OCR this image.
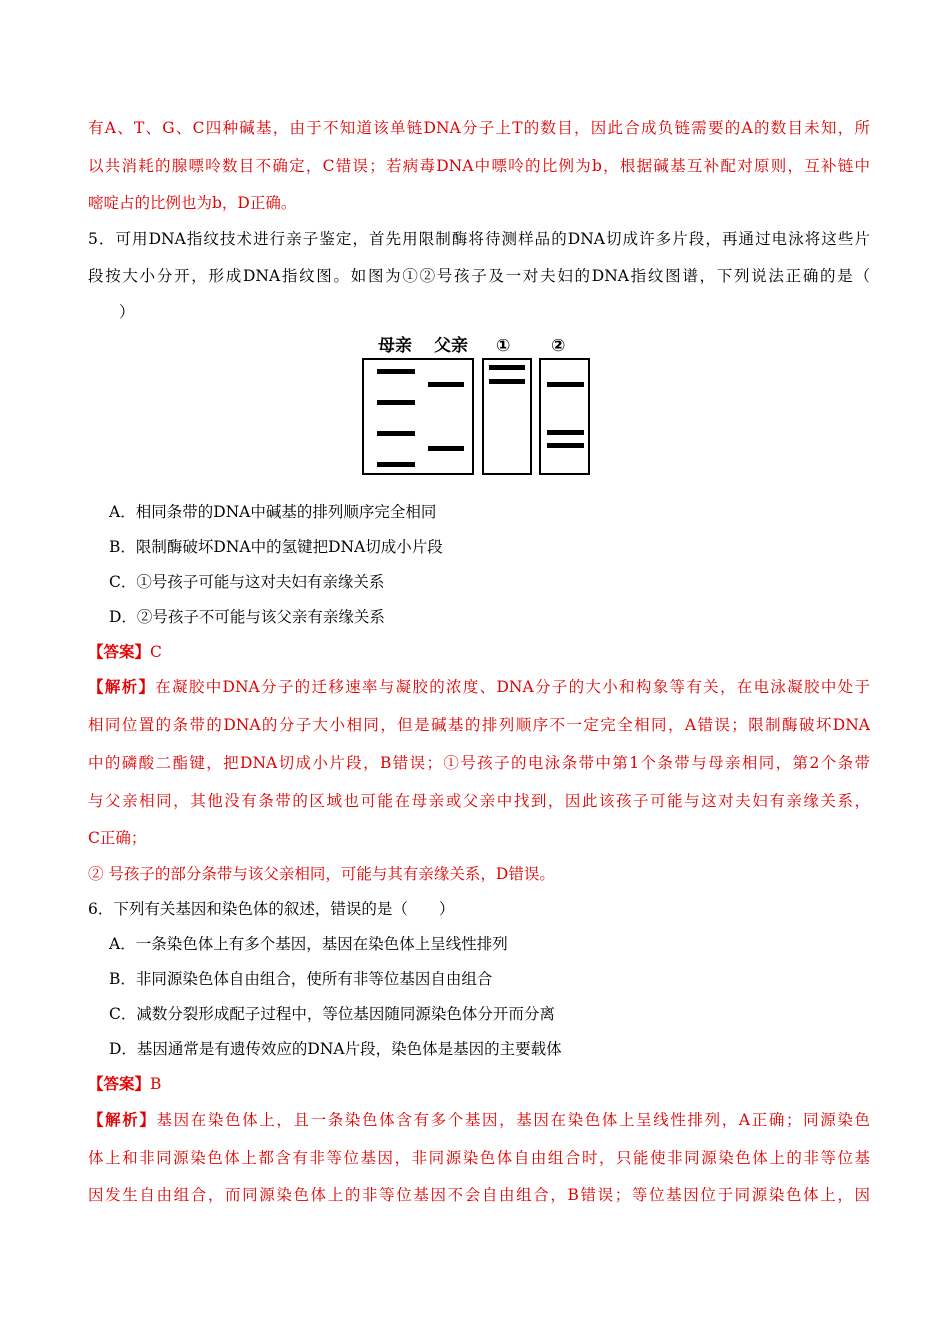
有A、T、G、C四种碱基，由于不知道该单链DNA分子上T的数目，因此合成负链需要的A的数目未知，所
以共消耗的腺嘌呤数目不确定，C错误；若病毒DNA中嘌呤的比例为b，根据碱基互补配对原则，互补链中
嘧啶占的比例也为b，D正确。
5．可用DNA指纹技术进行亲子鉴定，首先用限制酶将待测样品的DNA切成许多片段，再通过电泳将这些片
段按大小分开，形成DNA指纹图。如图为①②号孩子及一对夫妇的DNA指纹图谱，下列说法正确的是（
　　）
母亲 父亲 ① ②
A．相同条带的DNA中碱基的排列顺序完全相同
B．限制酶破坏DNA中的氢键把DNA切成小片段
C．①号孩子可能与这对夫妇有亲缘关系
D．②号孩子不可能与该父亲有亲缘关系
【答案】C
【解析】在凝胶中DNA分子的迁移速率与凝胶的浓度、DNA分子的大小和构象等有关，在电泳凝胶中处于
相同位置的条带的DNA的分子大小相同，但是碱基的排列顺序不一定完全相同，A错误；限制酶破坏DNA
中的磷酸二酯键，把DNA切成小片段，B错误；①号孩子的电泳条带中第1个条带与母亲相同，第2个条带
与父亲相同，其他没有条带的区域也可能在母亲或父亲中找到，因此该孩子可能与这对夫妇有亲缘关系，
C正确；
② 号孩子的部分条带与该父亲相同，可能与其有亲缘关系，D错误。
6．下列有关基因和染色体的叙述，错误的是（　　）
A．一条染色体上有多个基因，基因在染色体上呈线性排列
B．非同源染色体自由组合，使所有非等位基因自由组合
C．减数分裂形成配子过程中，等位基因随同源染色体分开而分离
D．基因通常是有遗传效应的DNA片段，染色体是基因的主要载体
【答案】B
【解析】基因在染色体上，且一条染色体含有多个基因，基因在染色体上呈线性排列，A正确；同源染色
体上和非同源染色体上都含有非等位基因，非同源染色体自由组合时，只能使非同源染色体上的非等位基
因发生自由组合，而同源染色体上的非等位基因不会自由组合，B错误；等位基因位于同源染色体上，因
